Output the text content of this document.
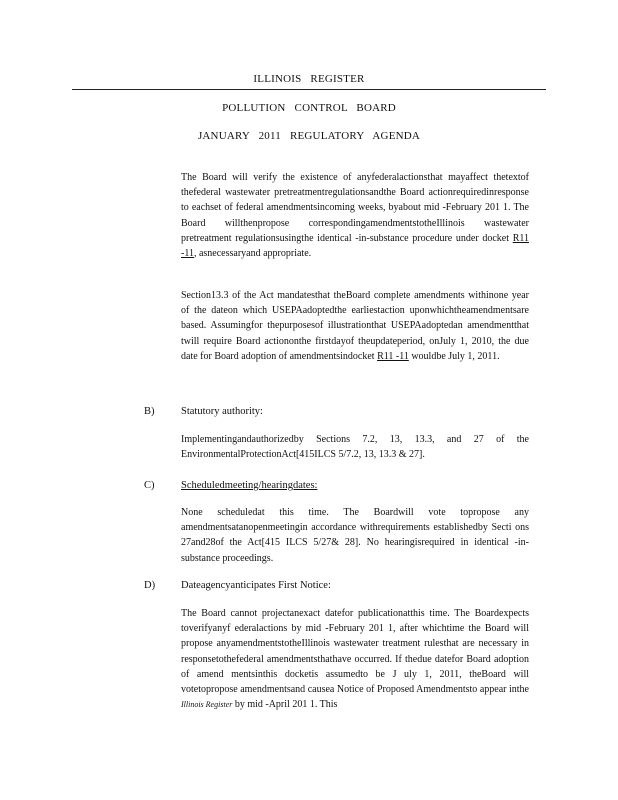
ILLINOIS REGISTER
POLLUTION CONTROL BOARD
JANUARY 2011 REGULATORY AGENDA

The Board will verify the existence of anyfederalactionsthat mayaffect thetextof thefederal wastewater pretreatmentregulationsandthe Board actionrequiredinresponse to eachset of federal amendmentsincoming weeks, byabout mid -February 201 1. The Board willthenpropose correspondingamendmentstotheIllinois wastewater pretreatment regulationsusingthe identical -in-substance procedure under docket R11 -11, asnecessaryand appropriate.

Section13.3 of the Act mandatesthat theBoard complete amendments withinone year of the dateon which USEPAadoptedthe earliestaction uponwhichtheamendmentsare based. Assumingfor thepurposesof illustrationthat USEPAadoptedan amendmentthat twill require Board actiononthe firstdayof theupdateperiod, onJuly 1, 2010, the due date for Board adoption of amendmentsindocket R11 -11 wouldbe July 1, 2011.

B)	Statutory authority:

Implementingandauthorizedby Sections 7.2, 13, 13.3, and 27 of the EnvironmentalProtectionAct[415ILCS 5/7.2, 13, 13.3 & 27].

C)	Scheduledmeeting/hearingdates:

None scheduledat this time. The Boardwill vote topropose any amendmentsatanopenmeetingin accordance withrequirements establishedby Secti ons 27and28of the Act[415 ILCS 5/27& 28]. No hearingisrequired in identical -in-substance proceedings.

D) Dateagencyanticipates First Notice:

The Board cannot projectanexact datefor publicationatthis time. The Boardexpects toverifyanyf ederalactions by mid -February 201 1, after whichtime the Board will propose anyamendmentstotheIllinois wastewater treatment rulesthat are necessary in responsetothefederal amendmentsthathave occurred. If thedue datefor Board adoption of amend mentsinthis docketis assumedto be J uly 1, 2011, theBoard will votetopropose amendmentsand causea Notice of Proposed Amendmentsto appear inthe Illinois Register by mid -April 201 1. This
